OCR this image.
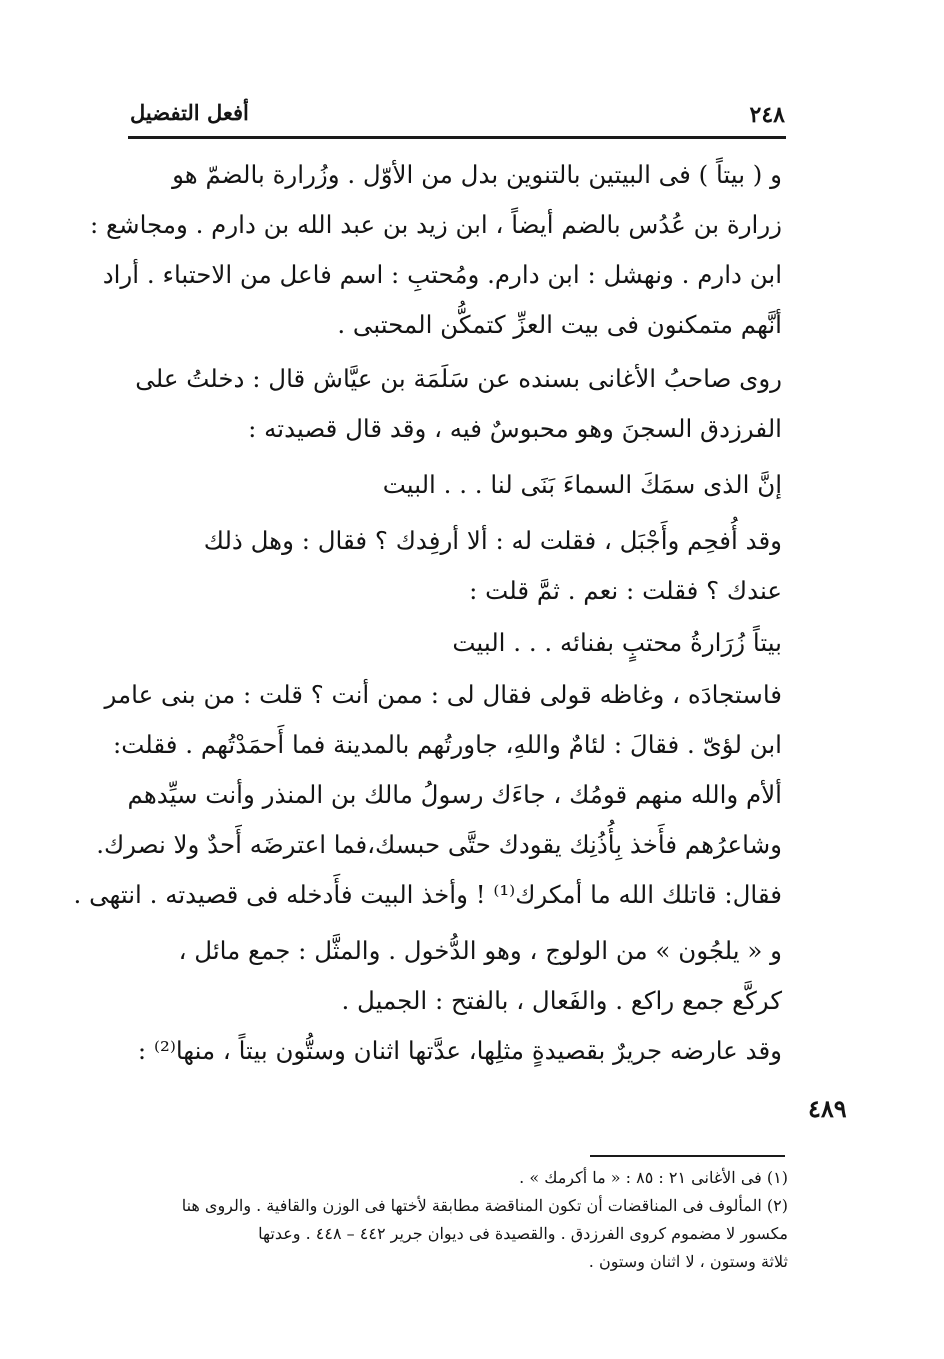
٢٤٨
أفعل التفضيل
و ( بيتاً ) فى البيتين بالتنوين بدل من الأوّل . وزُرارة بالضمّ هو
زرارة بن عُدُس بالضم أيضاً ، ابن زيد بن عبد الله بن دارم . ومجاشع :
ابن دارم . ونهشل : ابن دارم. ومُحتبِ : اسم فاعل من الاحتباء . أراد
أنَّهم متمكنون فى بيت العزِّ كتمكُّن المحتبى .
روى صاحبُ الأغانى بسنده عن سَلَمَة بن عيَّاش قال : دخلتُ على
الفرزدق السجنَ وهو محبوسٌ فيه ، وقد قال قصيدته :
إنَّ الذى سمَكَ السماءَ بَنَى لنا . . . البيت
وقد أُفحِم وأَجْبَل ، فقلت له : ألا أرفِدك ؟ فقال : وهل ذلك
عندك ؟ فقلت : نعم . ثمَّ قلت :
بيتاً زُرَارةُ محتبٍ بفنائه . . . البيت
فاستجادَه ، وغاظه قولى فقال لى : ممن أنت ؟ قلت : من بنى عامر
ابن لؤىّ . فقالَ : لئامٌ واللهِ، جاورتُهم بالمدينة فما أَحمَدْتُهم . فقلت:
ألأم والله منهم قومُك ، جاءَك رسولُ مالك بن المنذر وأنت سيِّدهم
وشاعرُهم فأَخذ بِأُذُنِك يقودك حتَّى حبسك،فما اعترضَه أَحدٌ ولا نصرك.
فقال: قاتلك الله ما أمكرك⁽¹⁾ ! وأخذ البيت فأَدخله فى قصيدته . انتهى .
و « يلجُون » من الولوج ، وهو الدُّخول . والمثَّل : جمع مائل ،
كركَّع جمع راكع . والفَعال ، بالفتح : الجميل .
وقد عارضه جريرٌ بقصيدةٍ مثلِها، عدَّتها اثنان وستُّون بيتاً ، منها⁽²⁾ :
٤٨٩
(١) فى الأغانى ٢١ : ٨٥ : « ما أكرمك » .
(٢) المألوف فى المناقضات أن تكون المناقضة مطابقة لأختها فى الوزن والقافية . والروى هنا
مكسور لا مضموم كروى الفرزدق . والقصيدة فى ديوان جرير ٤٤٢ – ٤٤٨ . وعدتها
ثلاثة وستون ، لا اثنان وستون .
